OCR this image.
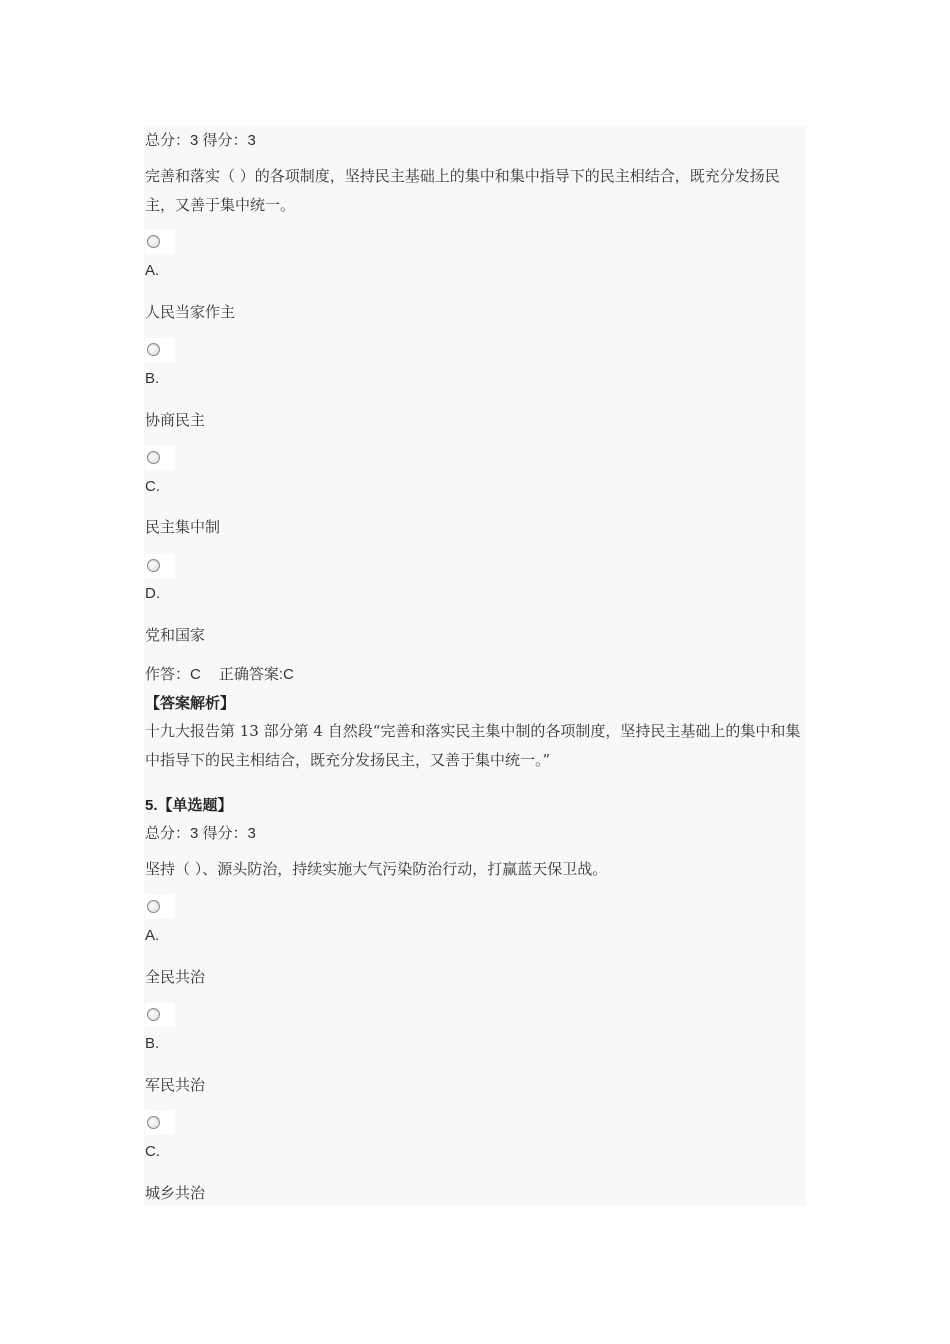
总分：3 得分：3
完善和落实（ ）的各项制度，坚持民主基础上的集中和集中指导下的民主相结合，既充分发扬民主，又善于集中统一。
A.
人民当家作主
B.
协商民主
C.
民主集中制
D.
党和国家
作答：C 正确答案:C
【答案解析】
十九大报告第 13 部分第 4 自然段“完善和落实民主集中制的各项制度，坚持民主基础上的集中和集中指导下的民主相结合，既充分发扬民主，又善于集中统一。”
5.【单选题】
总分：3 得分：3
坚持（ ）、源头防治，持续实施大气污染防治行动，打赢蓝天保卫战。
A.
全民共治
B.
军民共治
C.
城乡共治
